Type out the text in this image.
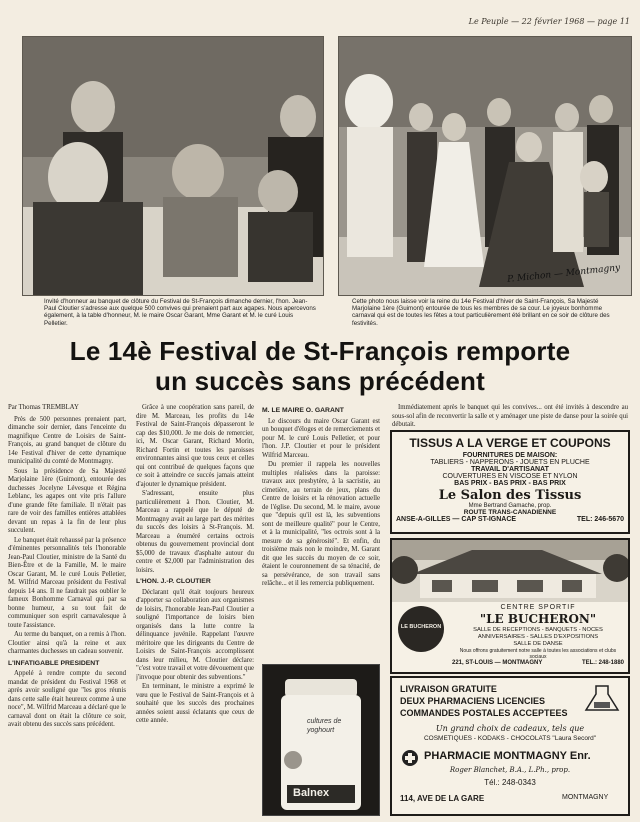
Le Peuple — 22 février 1968 — page 11
P. Michon — Montmagny
Invité d'honneur au banquet de clôture du Festival de St-François dimanche dernier, l'hon. Jean-Paul Cloutier s'adresse aux quelque 500 convives qui prenaient part aux agapes. Nous apercevons également, à la table d'honneur, M. le maire Oscar Garant, Mme Garant et M. le curé Louis Pelletier.
Cette photo nous laisse voir la reine du 14e Festival d'hiver de Saint-François, Sa Majesté Marjolaine 1ère (Guimont) entourée de tous les membres de sa cour. Le joyeux bonhomme carnaval qui est de toutes les fêtes a tout particulièrement été brillant en ce soir de clôture des festivités.
Le 14è Festival de St-François remporte
un succès sans précédent

Par Thomas TREMBLAY

Près de 500 personnes prenaient part, dimanche soir dernier, dans l'enceinte du magnifique Centre de Loisirs de Saint-François, au grand banquet de clôture du 14e Festival d'hiver de cette dynamique municipalité du comté de Montmagny.

Sous la présidence de Sa Majesté Marjolaine 1ère (Guimont), entourée des duchesses Jocelyne Lévesque et Régina Leblanc, les agapes ont vite pris l'allure d'une grande fête familiale. Il n'était pas rare de voir des familles entières attablées devant un repas à la fin de leur plus succulent.

Le banquet était rehaussé par la présence d'éminentes personnalités tels l'honorable Jean-Paul Cloutier, ministre de la Santé du Bien-Être et de la Famille, M. le maire Oscar Garant, M. le curé Louis Pelletier, M. Wilfrid Marceau président du Festival depuis 14 ans. Il ne faudrait pas oublier le fameux Bonhomme Carnaval qui par sa bonne humeur, a su tout fait de communiquer son esprit carnavalesque à toute l'assistance.

Au terme du banquet, on a remis à l'hon. Cloutier ainsi qu'à la reine et aux charmantes duchesses un cadeau souvenir.

L'INFATIGABLE PRESIDENT

Appelé à rendre compte du second mandat de président du Festival 1968 et après avoir souligné que "les gros réunis dans cette salle était heureux comme à une noce", M. Wilfrid Marceau a déclaré que le carnaval dont on était la clôture ce soir, avait obtenu des succès sans précédent.

Grâce à une coopération sans pareil, de dire M. Marceau, les profits du 14e Festival de Saint-François dépasseront le cap des $10,000. Je me dois de remercier, ici, M. Oscar Garant, Richard Morin, Richard Fortin et toutes les paroisses environnantes ainsi que tous ceux et celles qui ont contribué de quelques façons que ce soit à atteindre ce succès jamais atteint d'ajouter le dynamique président.

S'adressant, ensuite plus particulièrement à l'hon. Cloutier, M. Marceau a rappelé que le député de Montmagny avait au large part des mérites du succès des loisirs à St-François. M. Marceau a énuméré certains octrois obtenus du gouvernement provincial dont $5,000 de travaux d'asphalte autour du centre et $2,000 par l'administration des loisirs.

L'HON. J.-P. CLOUTIER

Déclarant qu'il était toujours heureux d'apporter sa collaboration aux organismes de loisirs, l'honorable Jean-Paul Cloutier a souligné l'importance de loisirs bien organisés dans la lutte contre la délinquance juvénile. Rappelant l'œuvre méritoire que les dirigeants du Centre de Loisirs de Saint-François accomplissent dans leur milieu, M. Cloutier déclare: "c'est votre travail et votre dévouement que j'invoque pour obtenir des subventions."

En terminant, le ministre a exprimé le vœu que le Festival de Saint-François et à souhaité que les succès des prochaines années soient aussi éclatants que ceux de cette année.

M. LE MAIRE O. GARANT

Le discours du maire Oscar Garant est un bouquet d'éloges et de remerciements et pour M. le curé Louis Pelletier, et pour l'hon. J.P. Cloutier et pour le président Wilfrid Marceau.

Du premier il rappela les nouvelles multiples réalisées dans la paroisse: travaux aux presbytère, à la sacristie, au cimetière, au terrain de jeux, plans du Centre de loisirs et la rénovation actuelle de l'église. Du second, M. le maire, avoue que "depuis qu'il est là, les subventions sont de meilleure qualité" pour le Centre, et à la municipalité, "les octrois sont à la mesure de sa générosité". Et enfin, du troisième mais non le moindre, M. Garant dit que les succès du moyen de ce soir, étaient le couronnement de sa ténacité, de sa persévérance, de son travail sans relâche... et il les remercia publiquement.

Immédiatement après le banquet qui les convives... ont été invités à descendre au sous-sol afin de reconvertir la salle et y aménager une piste de danse pour la soirée qui débutait.

cultures de yoghourt
Balnex
TISSUS A LA VERGE ET COUPONS
FOURNITURES DE MAISON:
TABLIERS - NAPPERONS - JOUETS EN PLUCHE
TRAVAIL D'ARTISANAT
COUVERTURES EN VISCOSE ET NYLON
BAS PRIX - BAS PRIX - BAS PRIX
Le Salon des Tissus
Mme Bertrand Gamache, prop.
ROUTE TRANS-CANADIENNE
ANSE-A-GILLES — CAP ST-IGNACE	TEL: 246-5670
LE BUCHERON
CENTRE SPORTIF
"LE BUCHERON"
SALLE DE RECEPTIONS - BANQUETS - NOCES
ANNIVERSAIRES - SALLES D'EXPOSITIONS
SALLE DE DANSE
Nous offrons gratuitement notre salle à toutes les associations et clubs sociaux
221, ST-LOUIS — MONTMAGNY	TEL.: 248-1880
LIVRAISON GRATUITE
DEUX PHARMACIENS LICENCIES
COMMANDES POSTALES ACCEPTEES
Un grand choix de cadeaux, tels que
COSMETIQUES - KODAKS - CHOCOLATS "Laura Secord"
PHARMACIE MONTMAGNY Enr.
Roger Blanchet, B.A., L.Ph., prop.
Tél.: 248-0343
114, AVE DE LA GARE	MONTMAGNY
